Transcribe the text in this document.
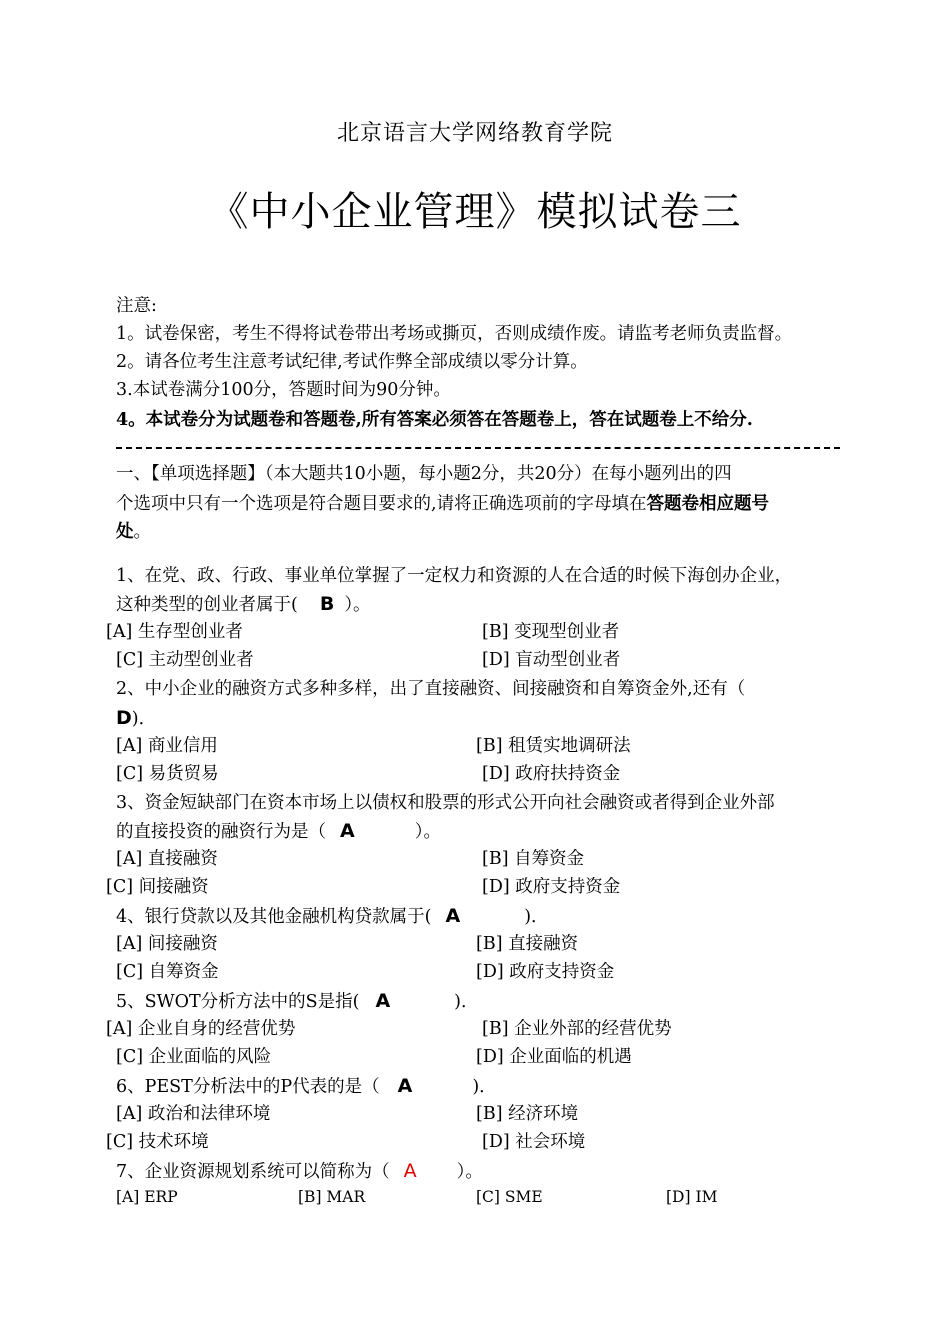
北京语言大学网络教育学院
《中小企业管理》模拟试卷三
注意:
1。试卷保密，考生不得将试卷带出考场或撕页，否则成绩作废。请监考老师负责监督。
2。请各位考生注意考试纪律,考试作弊全部成绩以零分计算。
3.本试卷满分100分，答题时间为90分钟。
4。本试卷分为试题卷和答题卷,所有答案必须答在答题卷上，答在试题卷上不给分.
一、【单项选择题】（本大题共10小题，每小题2分，共20分）在每小题列出的四
个选项中只有一个选项是符合题目要求的,请将正确选项前的字母填在答题卷相应题号
处。
1、在党、政、行政、事业单位掌握了一定权力和资源的人在合适的时候下海创办企业，
这种类型的创业者属于( B ）。
[A] 生存型创业者	[B] 变现型创业者
[C] 主动型创业者	[D] 盲动型创业者
2、中小企业的融资方式多种多样，出了直接融资、间接融资和自筹资金外,还有（
D)．
[A] 商业信用	[B] 租赁实地调研法
[C] 易货贸易	[D] 政府扶持资金
3、资金短缺部门在资本市场上以债权和股票的形式公开向社会融资或者得到企业外部
的直接投资的融资行为是（ A	）。
[A] 直接融资	[B] 自筹资金
[C] 间接融资	[D] 政府支持资金
4、银行贷款以及其他金融机构贷款属于( A	)．
[A] 间接融资	[B] 直接融资
[C] 自筹资金	[D] 政府支持资金
5、SWOT分析方法中的S是指( A	)．
[A] 企业自身的经营优势	[B] 企业外部的经营优势
[C] 企业面临的风险	[D] 企业面临的机遇
6、PEST分析法中的P代表的是（ A	)．
[A] 政治和法律环境	[B] 经济环境
[C] 技术环境	[D] 社会环境
7、企业资源规划系统可以简称为（ A ）。
[A] ERP	[B] MAR	[C] SME	[D] IM
